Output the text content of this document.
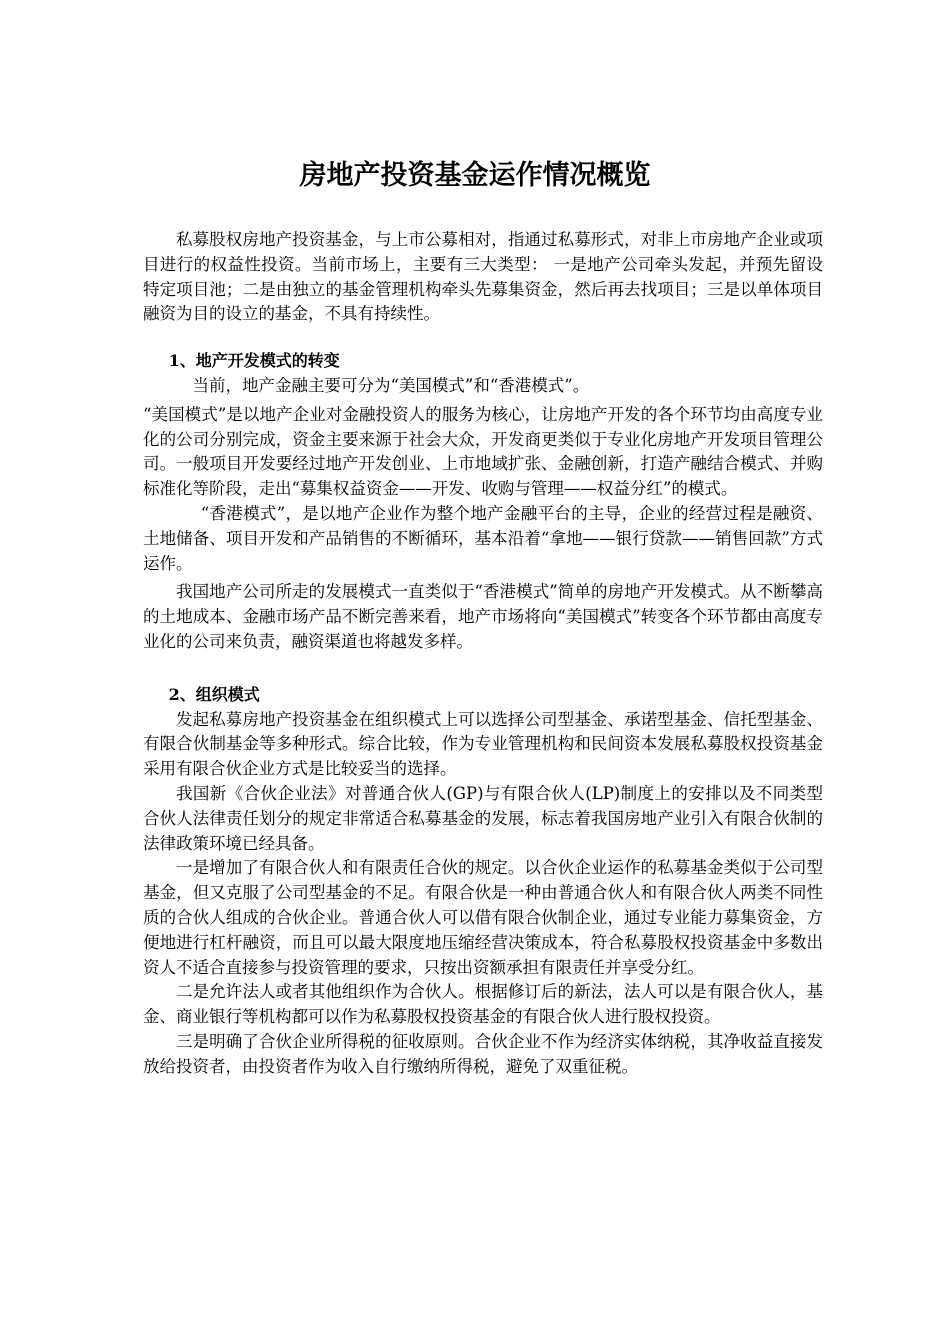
房地产投资基金运作情况概览

私募股权房地产投资基金，与上市公募相对，指通过私募形式，对非上市房地产企业或项目进行的权益性投资。当前市场上，主要有三大类型： 一是地产公司牵头发起，并预先留设特定项目池；二是由独立的基金管理机构牵头先募集资金，然后再去找项目；三是以单体项目融资为目的设立的基金，不具有持续性。

1、地产开发模式的转变

当前，地产金融主要可分为“美国模式”和“香港模式”。

“美国模式”是以地产企业对金融投资人的服务为核心，让房地产开发的各个环节均由高度专业化的公司分别完成，资金主要来源于社会大众，开发商更类似于专业化房地产开发项目管理公司。一般项目开发要经过地产开发创业、上市地域扩张、金融创新，打造产融结合模式、并购标准化等阶段，走出“募集权益资金——开发、收购与管理——权益分红”的模式。

“香港模式”，是以地产企业作为整个地产金融平台的主导，企业的经营过程是融资、土地储备、项目开发和产品销售的不断循环，基本沿着“拿地——银行贷款——销售回款”方式运作。

我国地产公司所走的发展模式一直类似于“香港模式”简单的房地产开发模式。从不断攀高的土地成本、金融市场产品不断完善来看，地产市场将向“美国模式”转变各个环节都由高度专业化的公司来负责，融资渠道也将越发多样。

2、组织模式

发起私募房地产投资基金在组织模式上可以选择公司型基金、承诺型基金、信托型基金、有限合伙制基金等多种形式。综合比较，作为专业管理机构和民间资本发展私募股权投资基金采用有限合伙企业方式是比较妥当的选择。

我国新《合伙企业法》对普通合伙人(GP)与有限合伙人(LP)制度上的安排以及不同类型合伙人法律责任划分的规定非常适合私募基金的发展，标志着我国房地产业引入有限合伙制的法律政策环境已经具备。

一是增加了有限合伙人和有限责任合伙的规定。以合伙企业运作的私募基金类似于公司型基金，但又克服了公司型基金的不足。有限合伙是一种由普通合伙人和有限合伙人两类不同性质的合伙人组成的合伙企业。普通合伙人可以借有限合伙制企业，通过专业能力募集资金，方便地进行杠杆融资，而且可以最大限度地压缩经营决策成本，符合私募股权投资基金中多数出资人不适合直接参与投资管理的要求，只按出资额承担有限责任并享受分红。

二是允许法人或者其他组织作为合伙人。根据修订后的新法，法人可以是有限合伙人，基金、商业银行等机构都可以作为私募股权投资基金的有限合伙人进行股权投资。

三是明确了合伙企业所得税的征收原则。合伙企业不作为经济实体纳税，其净收益直接发放给投资者，由投资者作为收入自行缴纳所得税，避免了双重征税。
